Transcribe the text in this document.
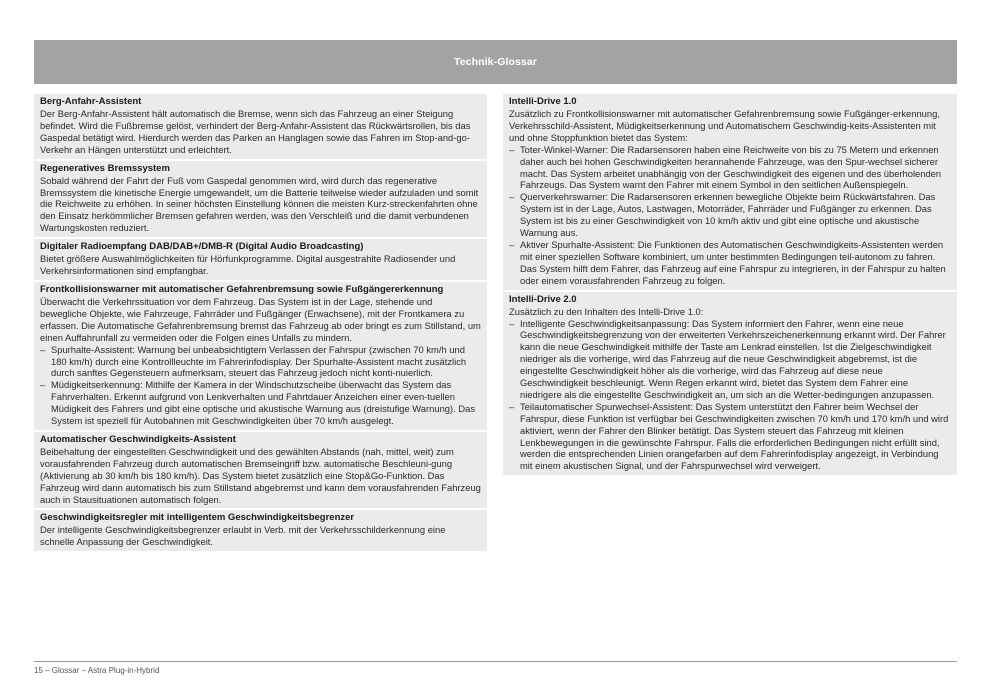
Technik-Glossar
Berg-Anfahr-Assistent
Der Berg-Anfahr-Assistent hält automatisch die Bremse, wenn sich das Fahrzeug an einer Steigung befindet. Wird die Fußbremse gelöst, verhindert der Berg-Anfahr-Assistent das Rückwärtsrollen, bis das Gaspedal betätigt wird. Hierdurch werden das Parken an Hanglagen sowie das Fahren im Stop-and-go-Verkehr an Hängen unterstützt und erleichtert.
Regeneratives Bremssystem
Sobald während der Fahrt der Fuß vom Gaspedal genommen wird, wird durch das regenerative Bremssystem die kinetische Energie umgewandelt, um die Batterie teilweise wieder aufzuladen und somit die Reichweite zu erhöhen. In seiner höchsten Einstellung können die meisten Kurz-streckenfahrten ohne den Einsatz herkömmlicher Bremsen gefahren werden, was den Verschleiß und die damit verbundenen Wartungskosten reduziert.
Digitaler Radioempfang DAB/DAB+/DMB-R (Digital Audio Broadcasting)
Bietet größere Auswahlmöglichkeiten für Hörfunkprogramme. Digital ausgestrahlte Radiosender und Verkehrsinformationen sind empfangbar.
Frontkollisionswarner mit automatischer Gefahrenbremsung sowie Fußgängererkennung
Überwacht die Verkehrssituation vor dem Fahrzeug. Das System ist in der Lage, stehende und bewegliche Objekte, wie Fahrzeuge, Fahrräder und Fußgänger (Erwachsene), mit der Frontkamera zu erfassen. Die Automatische Gefahrenbremsung bremst das Fahrzeug ab oder bringt es zum Stillstand, um einen Auffahrunfall zu vermeiden oder die Folgen eines Unfalls zu mindern.
– Spurhalte-Assistent: Warnung bei unbeabsichtigtem Verlassen der Fahrspur (zwischen 70 km/h und 180 km/h) durch eine Kontrollleuchte im Fahrerinfodisplay. Der Spurhalte-Assistent macht zusätzlich durch sanftes Gegensteuern aufmerksam, steuert das Fahrzeug jedoch nicht konti-nuierlich.
– Müdigkeitserkennung: Mithilfe der Kamera in der Windschutzscheibe überwacht das System das Fahrverhalten. Erkennt aufgrund von Lenkverhalten und Fahrtdauer Anzeichen einer even-tuellen Müdigkeit des Fahrers und gibt eine optische und akustische Warnung aus (dreistufige Warnung). Das System ist speziell für Autobahnen mit Geschwindigkeiten über 70 km/h ausgelegt.
Automatischer Geschwindigkeits-Assistent
Beibehaltung der eingestellten Geschwindigkeit und des gewählten Abstands (nah, mittel, weit) zum vorausfahrenden Fahrzeug durch automatischen Bremseingriff bzw. automatische Beschleuni-gung (Aktivierung ab 30 km/h bis 180 km/h). Das System bietet zusätzlich eine Stop&Go-Funktion. Das Fahrzeug wird dann automatisch bis zum Stillstand abgebremst und kann dem vorausfahrenden Fahrzeug auch in Stausituationen automatisch folgen.
Geschwindigkeitsregler mit intelligentem Geschwindigkeitsbegrenzer
Der intelligente Geschwindigkeitsbegrenzer erlaubt in Verb. mit der Verkehrsschilderkennung eine schnelle Anpassung der Geschwindigkeit.
Intelli-Drive 1.0
Zusätzlich zu Frontkollisionswarner mit automatischer Gefahrenbremsung sowie Fußgänger-erkennung, Verkehrsschild-Assistent, Müdigkeitserkennung und Automatischem Geschwindig-keits-Assistenten mit und ohne Stoppfunktion bietet das System:
– Toter-Winkel-Warner: Die Radarsensoren haben eine Reichweite von bis zu 75 Metern und erkennen daher auch bei hohen Geschwindigkeiten herannahende Fahrzeuge, was den Spur-wechsel sicherer macht. Das System arbeitet unabhängig von der Geschwindigkeit des eigenen und des überholenden Fahrzeugs. Das System warnt den Fahrer mit einem Symbol in den seitlichen Außenspiegeln.
– Querverkehrswarner: Die Radarsensoren erkennen bewegliche Objekte beim Rückwärtsfahren. Das System ist in der Lage, Autos, Lastwagen, Motorräder, Fahrräder und Fußgänger zu erkennen. Das System ist bis zu einer Geschwindigkeit von 10 km/h aktiv und gibt eine optische und akustische Warnung aus.
– Aktiver Spurhalte-Assistent: Die Funktionen des Automatischen Geschwindigkeits-Assistenten werden mit einer speziellen Software kombiniert, um unter bestimmten Bedingungen teil-autonom zu fahren. Das System hilft dem Fahrer, das Fahrzeug auf eine Fahrspur zu integrieren, in der Fahrspur zu halten oder einem vorausfahrenden Fahrzeug zu folgen.
Intelli-Drive 2.0
Zusätzlich zu den Inhalten des Intelli-Drive 1.0:
– Intelligente Geschwindigkeitsanpassung: Das System informiert den Fahrer, wenn eine neue Geschwindigkeitsbegrenzung von der erweiterten Verkehrszeichenerkennung erkannt wird. Der Fahrer kann die neue Geschwindigkeit mithilfe der Taste am Lenkrad einstellen. Ist die Zielgeschwindigkeit niedriger als die vorherige, wird das Fahrzeug auf die neue Geschwindigkeit abgebremst, ist die eingestellte Geschwindigkeit höher als die vorherige, wird das Fahrzeug auf diese neue Geschwindigkeit beschleunigt. Wenn Regen erkannt wird, bietet das System dem Fahrer eine niedrigere als die eingestellte Geschwindigkeit an, um sich an die Wetter-bedingungen anzupassen.
– Teilautomatischer Spurwechsel-Assistent: Das System unterstützt den Fahrer beim Wechsel der Fahrspur, diese Funktion ist verfügbar bei Geschwindigkeiten zwischen 70 km/h und 170 km/h und wird aktiviert, wenn der Fahrer den Blinker betätigt. Das System steuert das Fahrzeug mit kleinen Lenkbewegungen in die gewünschte Fahrspur. Falls die erforderlichen Bedingungen nicht erfüllt sind, werden die entsprechenden Linien orangefarben auf dem Fahrerinfodisplay angezeigt, in Verbindung mit einem akustischen Signal, und der Fahrspurwechsel wird verweigert.
15 – Glossar – Astra Plug-in-Hybrid
